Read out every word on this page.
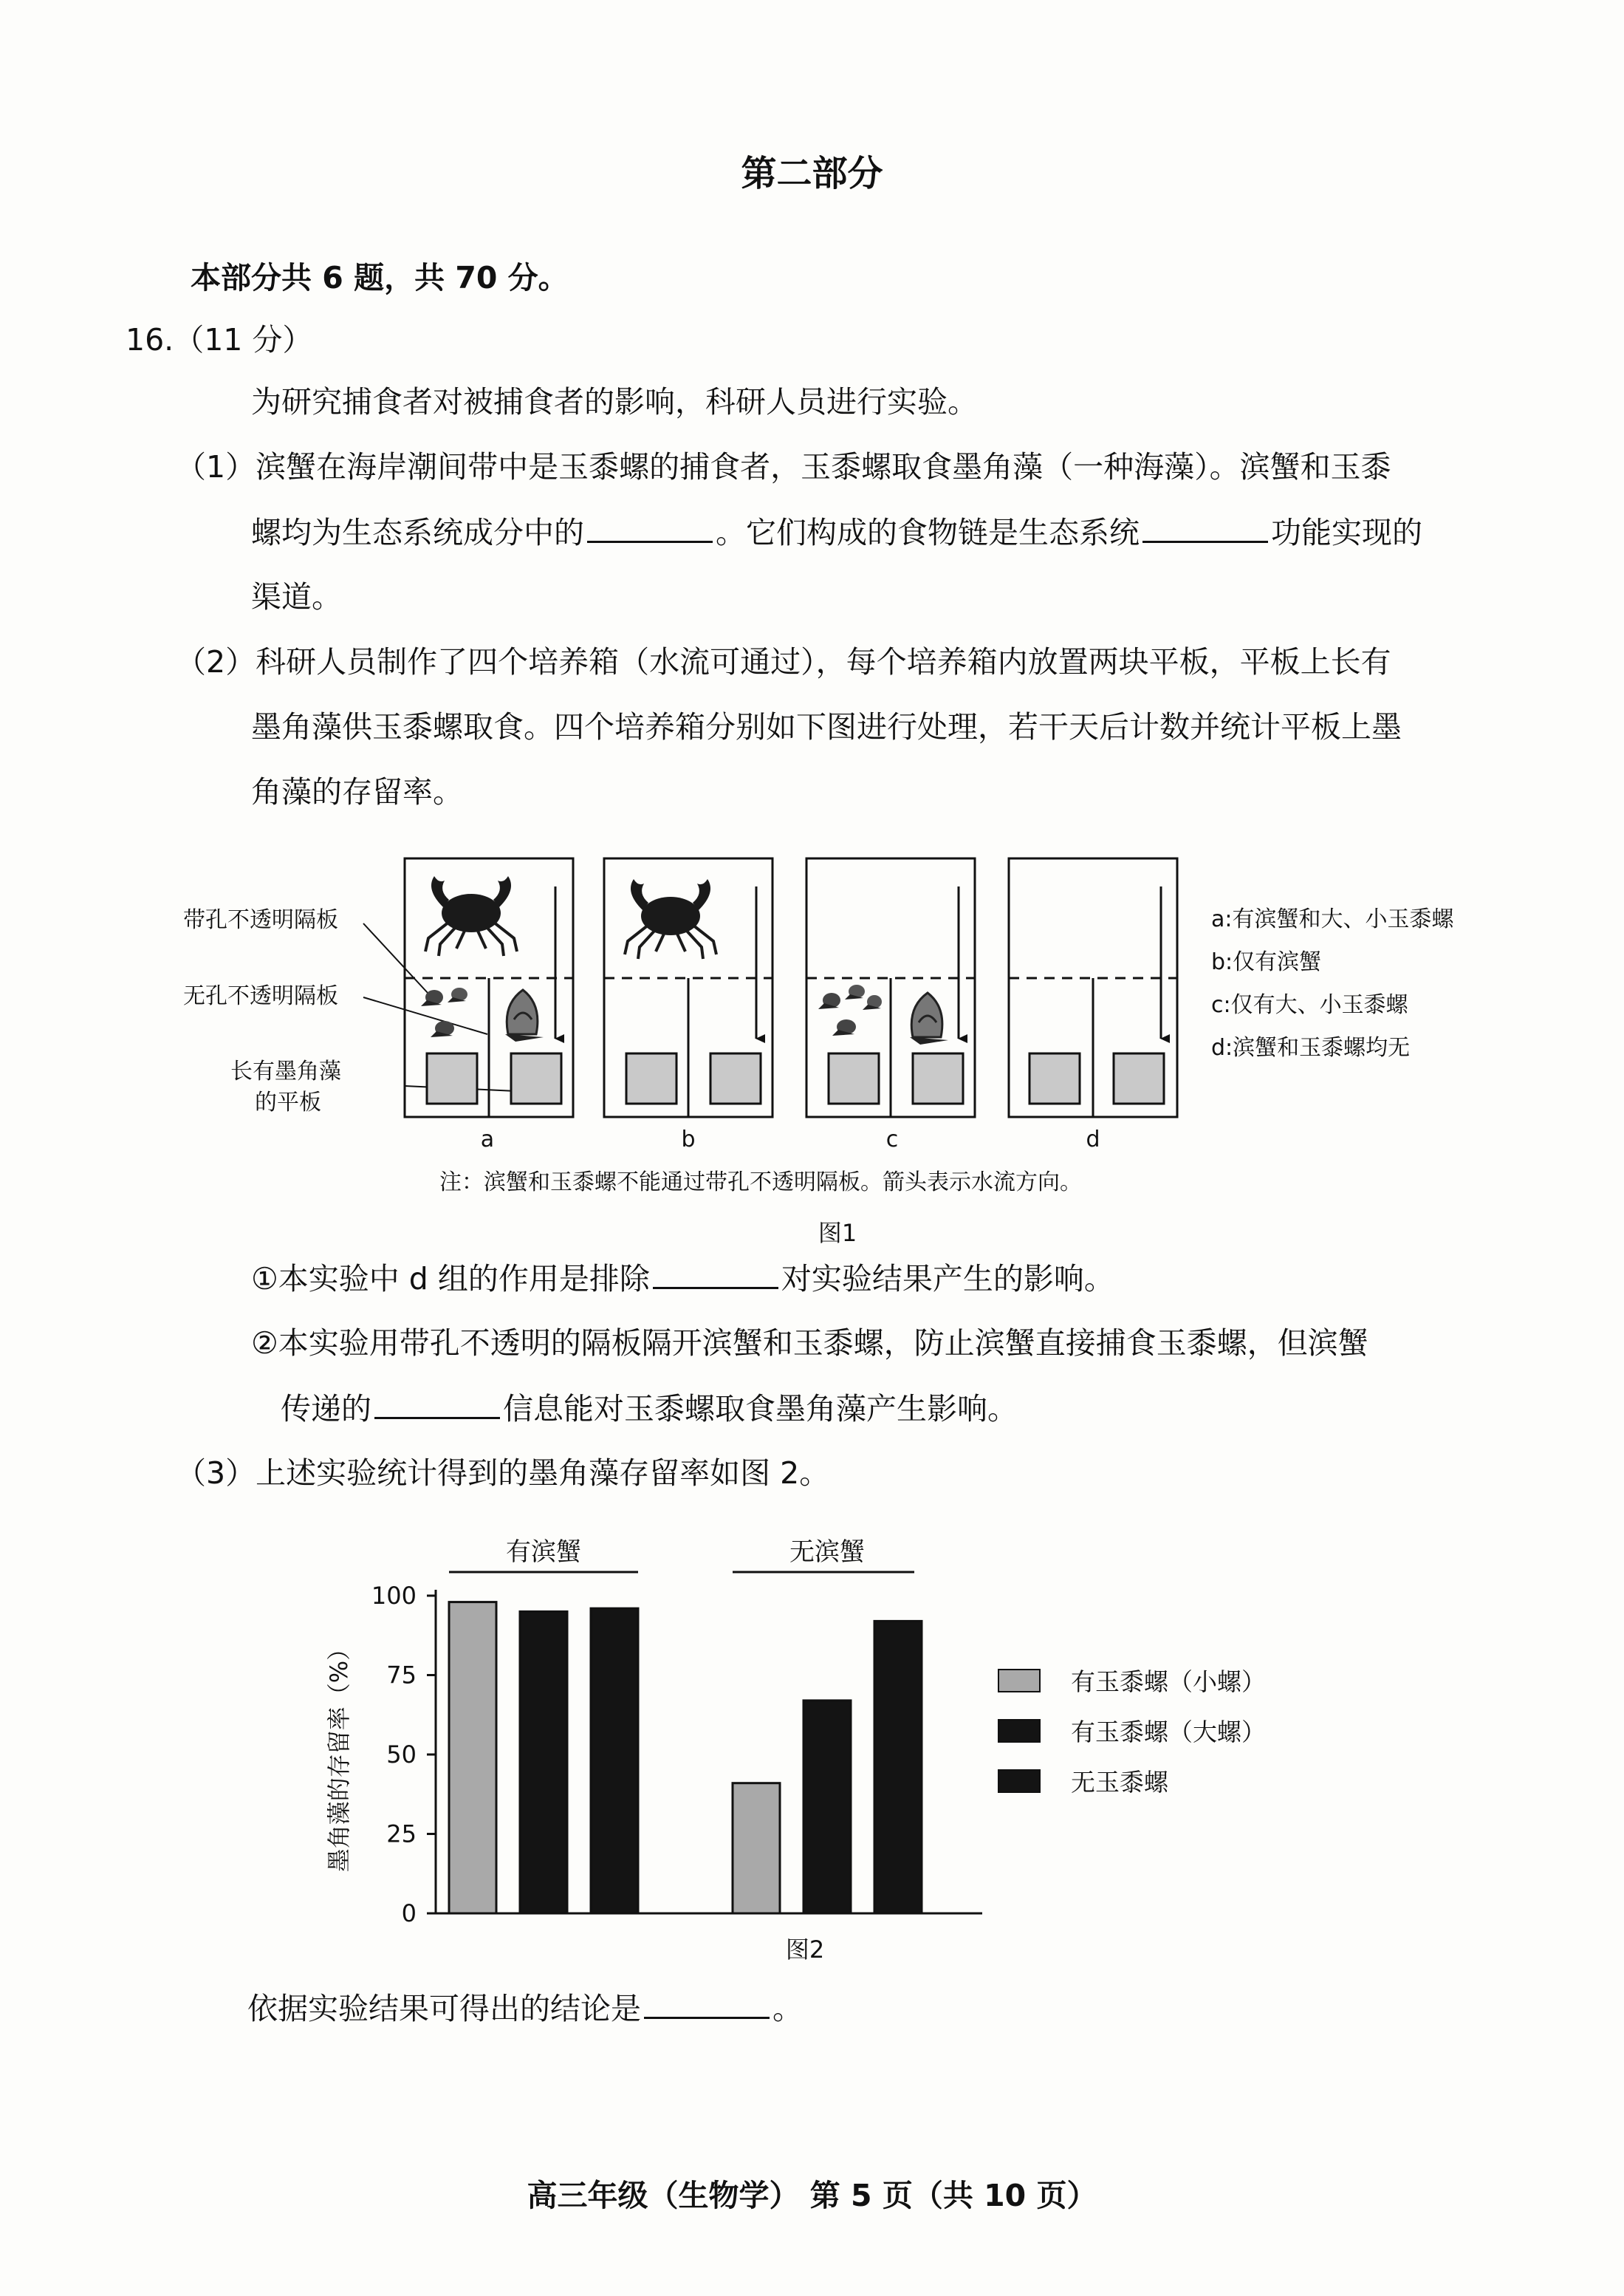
第二部分
本部分共 6 题，共 70 分。
16.（11 分）
为研究捕食者对被捕食者的影响，科研人员进行实验。
（1）滨蟹在海岸潮间带中是玉黍螺的捕食者，玉黍螺取食墨角藻（一种海藻）。滨蟹和玉黍
螺均为生态系统成分中的	。它们构成的食物链是生态系统	功能实现的
渠道。
（2）科研人员制作了四个培养箱（水流可通过），每个培养箱内放置两块平板，平板上长有
墨角藻供玉黍螺取食。四个培养箱分别如下图进行处理，若干天后计数并统计平板上墨
角藻的存留率。
带孔不透明隔板
无孔不透明隔板
长有墨角藻
的平板
a	b	c	d
a:有滨蟹和大、小玉黍螺
b:仅有滨蟹
c:仅有大、小玉黍螺
d:滨蟹和玉黍螺均无
注：滨蟹和玉黍螺不能通过带孔不透明隔板。箭头表示水流方向。
图1
①本实验中 d 组的作用是排除	对实验结果产生的影响。
②本实验用带孔不透明的隔板隔开滨蟹和玉黍螺，防止滨蟹直接捕食玉黍螺，但滨蟹
传递的	信息能对玉黍螺取食墨角藻产生影响。
（3）上述实验统计得到的墨角藻存留率如图 2。
0
25
50
75
100
墨角藻的存留率（%）
有滨蟹	无滨蟹
有玉黍螺（小螺）
有玉黍螺（大螺）
无玉黍螺
图2
依据实验结果可得出的结论是	。
高三年级（生物学） 第 5 页（共 10 页）
